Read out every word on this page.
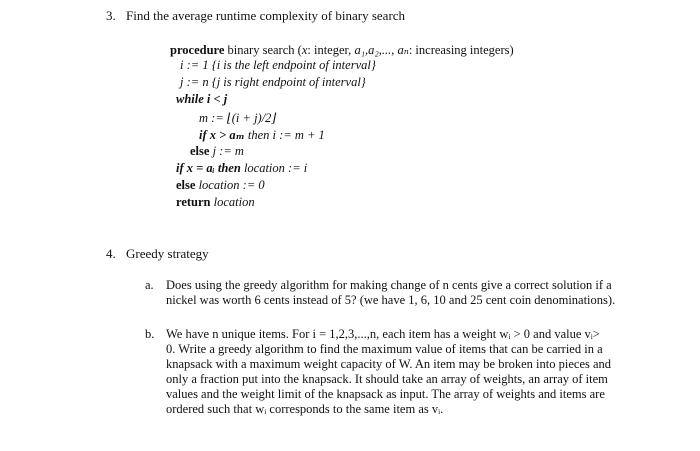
3. Find the average runtime complexity of binary search
procedure binary search (x: integer, a₁,a₂,..., aₙ: increasing integers)
i := 1 {i is the left endpoint of interval}
j := n {j is right endpoint of interval}
while i < j
m := ⌊(i + j)/2⌋
if x > aₘ then i := m + 1
else j := m
if x = aᵢ then location := i
else location := 0
return location
4. Greedy strategy
a. Does using the greedy algorithm for making change of n cents give a correct solution if a
nickel was worth 6 cents instead of 5? (we have 1, 6, 10 and 25 cent coin denominations).
b. We have n unique items. For i = 1,2,3,...,n, each item has a weight wᵢ > 0 and value vᵢ>
0. Write a greedy algorithm to find the maximum value of items that can be carried in a
knapsack with a maximum weight capacity of W. An item may be broken into pieces and
only a fraction put into the knapsack. It should take an array of weights, an array of item
values and the weight limit of the knapsack as input. The array of weights and items are
ordered such that wᵢ corresponds to the same item as vᵢ.
